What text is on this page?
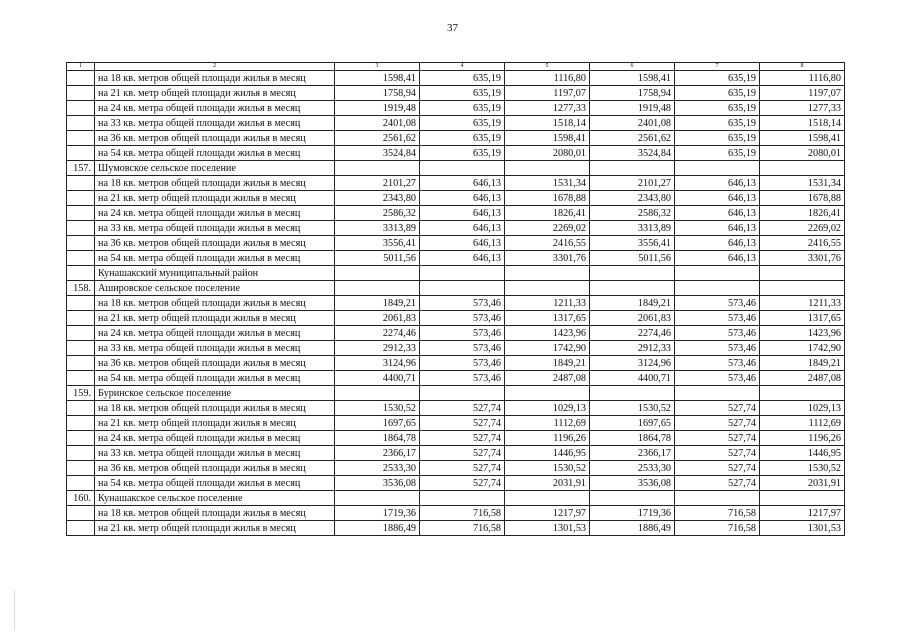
37
1	2	3	4	5	6	7	8
	на 18 кв. метров общей площади жилья в месяц	1598,41	635,19	1116,80	1598,41	635,19	1116,80
	на 21 кв. метр общей площади жилья в месяц	1758,94	635,19	1197,07	1758,94	635,19	1197,07
	на 24 кв. метра общей площади жилья в месяц	1919,48	635,19	1277,33	1919,48	635,19	1277,33
	на 33 кв. метра общей площади жилья в месяц	2401,08	635,19	1518,14	2401,08	635,19	1518,14
	на 36 кв. метров общей площади жилья в месяц	2561,62	635,19	1598,41	2561,62	635,19	1598,41
	на 54 кв. метра общей площади жилья в месяц	3524,84	635,19	2080,01	3524,84	635,19	2080,01
157.	Шумовское сельское поселение						
	на 18 кв. метров общей площади жилья в месяц	2101,27	646,13	1531,34	2101,27	646,13	1531,34
	на 21 кв. метр общей площади жилья в месяц	2343,80	646,13	1678,88	2343,80	646,13	1678,88
	на 24 кв. метра общей площади жилья в месяц	2586,32	646,13	1826,41	2586,32	646,13	1826,41
	на 33 кв. метра общей площади жилья в месяц	3313,89	646,13	2269,02	3313,89	646,13	2269,02
	на 36 кв. метров общей площади жилья в месяц	3556,41	646,13	2416,55	3556,41	646,13	2416,55
	на 54 кв. метра общей площади жилья в месяц	5011,56	646,13	3301,76	5011,56	646,13	3301,76
	Кунашакский муниципальный район						
158.	Аширoвское сельское поселение						
	на 18 кв. метров общей площади жилья в месяц	1849,21	573,46	1211,33	1849,21	573,46	1211,33
	на 21 кв. метр общей площади жилья в месяц	2061,83	573,46	1317,65	2061,83	573,46	1317,65
	на 24 кв. метра общей площади жилья в месяц	2274,46	573,46	1423,96	2274,46	573,46	1423,96
	на 33 кв. метра общей площади жилья в месяц	2912,33	573,46	1742,90	2912,33	573,46	1742,90
	на 36 кв. метров общей площади жилья в месяц	3124,96	573,46	1849,21	3124,96	573,46	1849,21
	на 54 кв. метра общей площади жилья в месяц	4400,71	573,46	2487,08	4400,71	573,46	2487,08
159.	Буринское сельское поселение						
	на 18 кв. метров общей площади жилья в месяц	1530,52	527,74	1029,13	1530,52	527,74	1029,13
	на 21 кв. метр общей площади жилья в месяц	1697,65	527,74	1112,69	1697,65	527,74	1112,69
	на 24 кв. метра общей площади жилья в месяц	1864,78	527,74	1196,26	1864,78	527,74	1196,26
	на 33 кв. метра общей площади жилья в месяц	2366,17	527,74	1446,95	2366,17	527,74	1446,95
	на 36 кв. метров общей площади жилья в месяц	2533,30	527,74	1530,52	2533,30	527,74	1530,52
	на 54 кв. метра общей площади жилья в месяц	3536,08	527,74	2031,91	3536,08	527,74	2031,91
160.	Кунашакское сельское поселение						
	на 18 кв. метров общей площади жилья в месяц	1719,36	716,58	1217,97	1719,36	716,58	1217,97
	на 21 кв. метр общей площади жилья в месяц	1886,49	716,58	1301,53	1886,49	716,58	1301,53
